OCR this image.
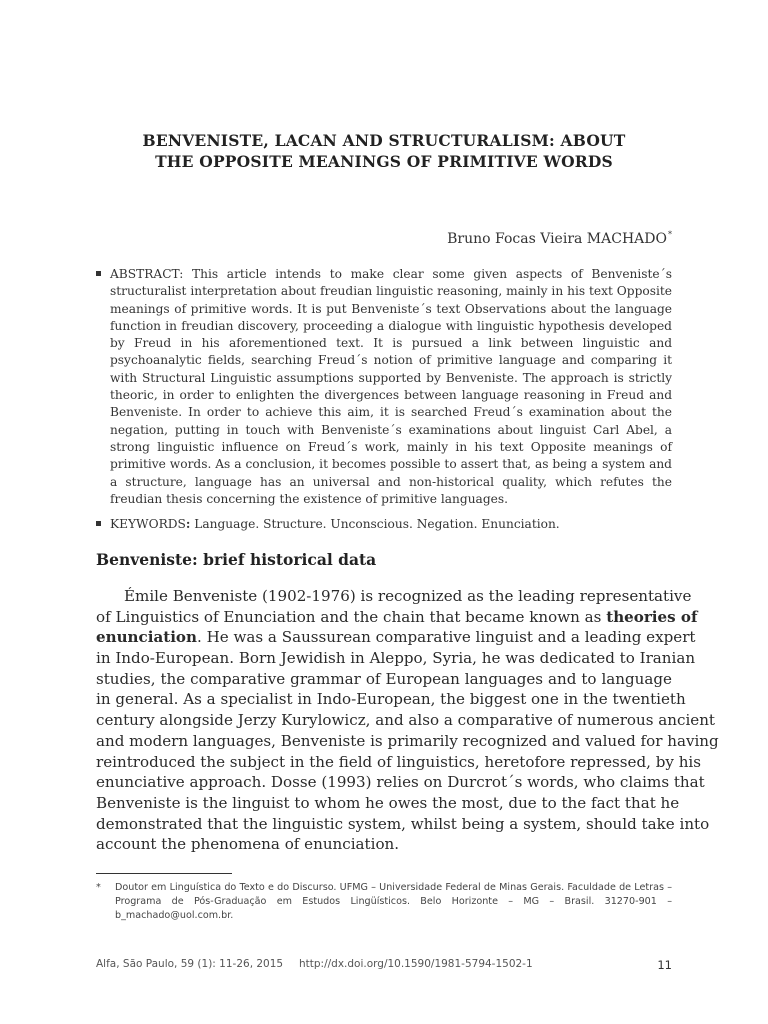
BENVENISTE, LACAN AND STRUCTURALISM: ABOUT
THE OPPOSITE MEANINGS OF PRIMITIVE WORDS
Bruno Focas Vieira MACHADO*
ABSTRACT: This article intends to make clear some given aspects of Benveniste´s structuralist interpretation about freudian linguistic reasoning, mainly in his text Opposite meanings of primitive words. It is put Benveniste´s text Observations about the language function in freudian discovery, proceeding a dialogue with linguistic hypothesis developed by Freud in his aforementioned text. It is pursued a link between linguistic and psychoanalytic fields, searching Freud´s notion of primitive language and comparing it with Structural Linguistic assumptions supported by Benveniste. The approach is strictly theoric, in order to enlighten the divergences between language reasoning in Freud and Benveniste. In order to achieve this aim, it is searched Freud´s examination about the negation, putting in touch with Benveniste´s examinations about linguist Carl Abel, a strong linguistic influence on Freud´s work, mainly in his text Opposite meanings of primitive words. As a conclusion, it becomes possible to assert that, as being a system and a structure, language has an universal and non-historical quality, which refutes the freudian thesis concerning the existence of primitive languages.
KEYWORDS: Language. Structure. Unconscious. Negation. Enunciation.
Benveniste: brief historical data
Émile Benveniste (1902-1976) is recognized as the leading representative
of Linguistics of Enunciation and the chain that became known as theories of
enunciation. He was a Saussurean comparative linguist and a leading expert
in Indo-European. Born Jewidish in Aleppo, Syria, he was dedicated to Iranian
studies, the comparative grammar of European languages and to language
in general. As a specialist in Indo-European, the biggest one in the twentieth
century alongside Jerzy Kurylowicz, and also a comparative of numerous ancient
and modern languages, Benveniste is primarily recognized and valued for having
reintroduced the subject in the field of linguistics, heretofore repressed, by his
enunciative approach. Dosse (1993) relies on Durcrot´s words, who claims that
Benveniste is the linguist to whom he owes the most, due to the fact that he
demonstrated that the linguistic system, whilst being a system, should take into
account the phenomena of enunciation.
* Doutor em Linguística do Texto e do Discurso. UFMG – Universidade Federal de Minas Gerais. Faculdade de Letras – Programa de Pós-Graduação em Estudos Lingüísticos. Belo Horizonte – MG – Brasil. 31270-901 – b_machado@uol.com.br.
Alfa, São Paulo, 59 (1): 11-26, 2015 http://dx.doi.org/10.1590/1981-5794-1502-1	11
